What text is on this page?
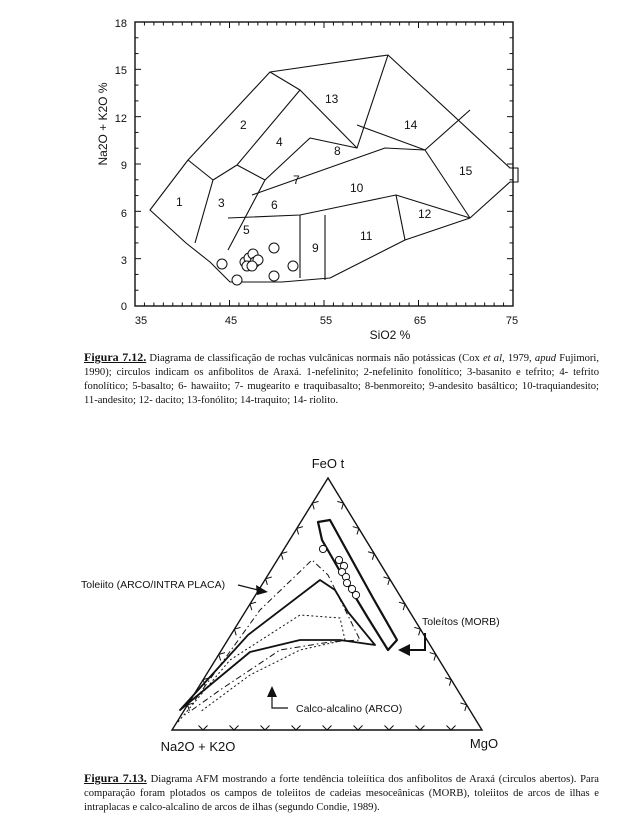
18
15
12
9
6
3
0
35	45	55	65	75
SiO2 %
Na2O + K2O %
1
2
3
4
5
6
7
8
9
10
11
12
13
14
15
Figura 7.12. Diagrama de classificação de rochas vulcânicas normais não potássicas (Cox et al, 1979, apud Fujimori, 1990); circulos indicam os anfibolitos de Araxá. 1-nefelinito; 2-nefelinito fonolítico; 3-basanito e tefrito; 4- tefrito fonolítico; 5-basalto; 6- hawaiito; 7- mugearito e traquibasalto; 8-benmoreito; 9-andesito basáltico; 10-traquiandesito; 11-andesito; 12- dacito; 13-fonólito; 14-traquito; 14- riolito.
FeO t
Na2O + K2O	MgO
Toleiito (ARCO/INTRA PLACA)
Toleítos (MORB)
Calco-alcalino (ARCO)
Figura 7.13. Diagrama AFM mostrando a forte tendência toleiítica dos anfibolitos de Araxá (circulos abertos). Para comparação foram plotados os campos de toleiitos de cadeias mesoceânicas (MORB), toleiitos de arcos de ilhas e intraplacas e calco-alcalino de arcos de ilhas (segundo Condie, 1989).
